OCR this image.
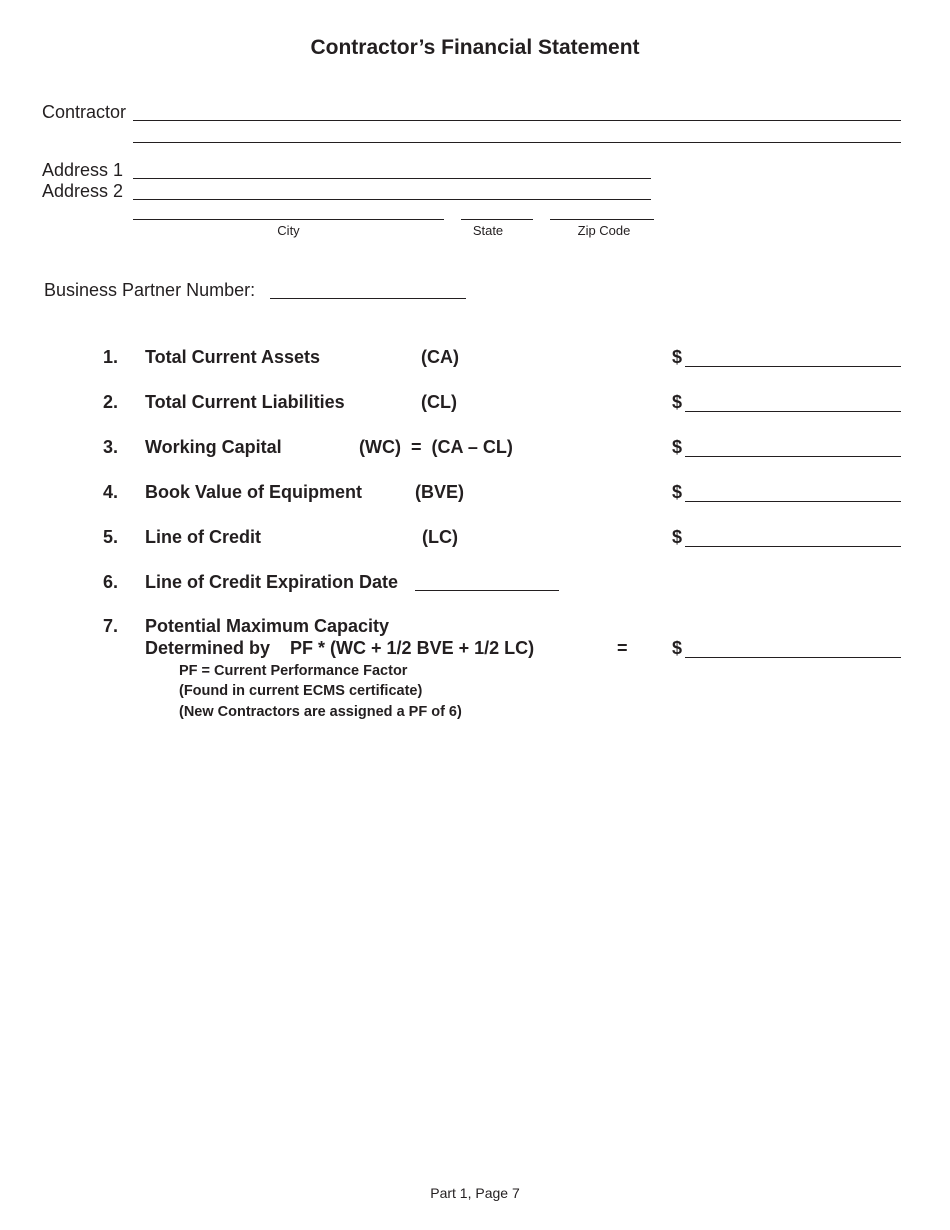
Contractor’s Financial Statement
Contractor
Address 1
Address 2
City	State	Zip Code
Business Partner Number:
1. Total Current Assets	(CA)	$
2. Total Current Liabilities	(CL)	$
3. Working Capital	(WC)  =  (CA – CL)	$
4. Book Value of Equipment	(BVE)	$
5. Line of Credit	(LC)	$
6. Line of Credit Expiration Date
7. Potential Maximum Capacity
Determined by    PF * (WC + 1/2 BVE + 1/2 LC)	= $
PF = Current Performance Factor
(Found in current ECMS certificate)
(New Contractors are assigned a PF of 6)
Part 1, Page 7
